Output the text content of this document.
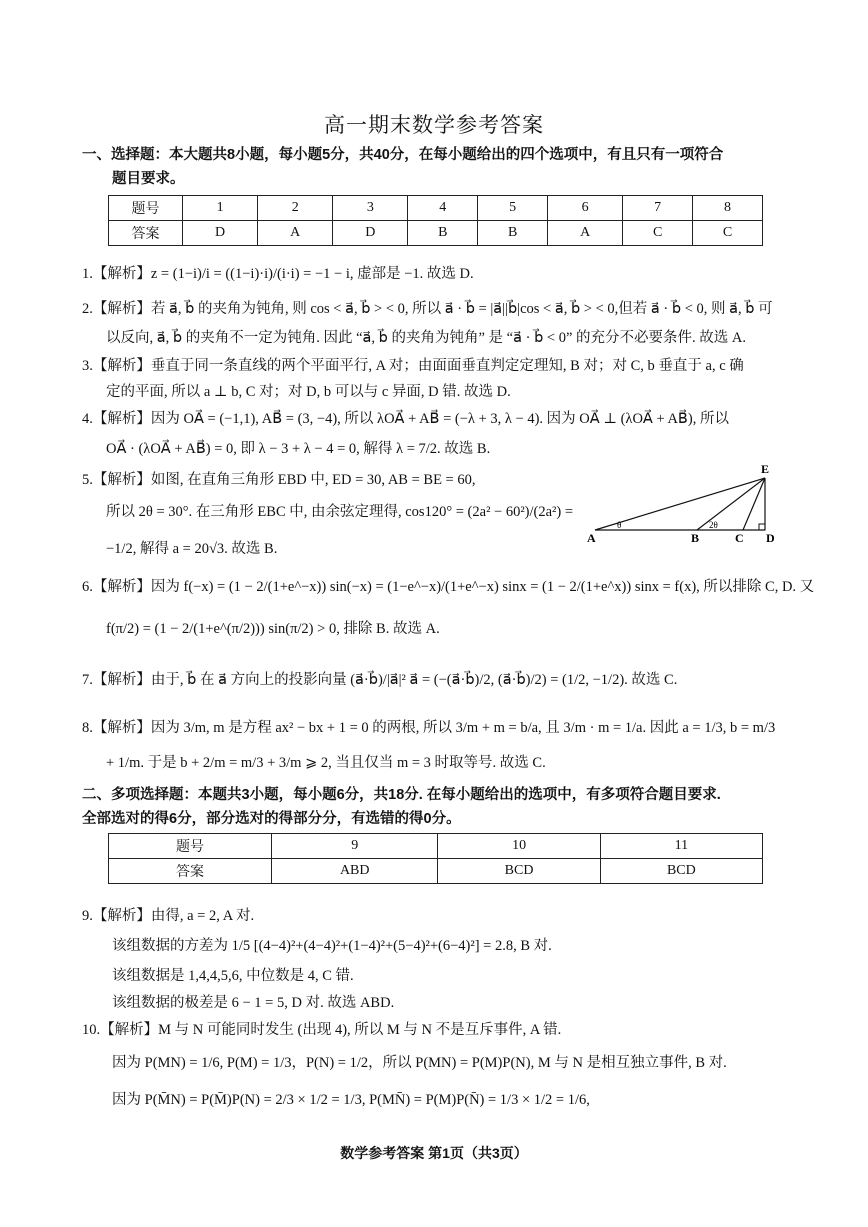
高一期末数学参考答案
一、选择题：本大题共8小题，每小题5分，共40分，在每小题给出的四个选项中，有且只有一项符合
题目要求。
题号	1	2	3	4	5	6	7	8
答案	D	A	D	B	B	A	C	C
1.【解析】z = (1−i)/i = ((1−i)·i)/(i·i) = −1 − i, 虚部是 −1. 故选 D.
2.【解析】若 a⃗, b⃗ 的夹角为钝角, 则 cos < a⃗, b⃗ > < 0, 所以 a⃗ · b⃗ = |a⃗||b⃗|cos < a⃗, b⃗ > < 0,但若 a⃗ · b⃗ < 0, 则 a⃗, b⃗ 可
以反向, a⃗, b⃗ 的夹角不一定为钝角. 因此 “a⃗, b⃗ 的夹角为钝角” 是 “a⃗ · b⃗ < 0” 的充分不必要条件. 故选 A.
3.【解析】垂直于同一条直线的两个平面平行, A 对；由面面垂直判定定理知, B 对；对 C, b 垂直于 a, c 确
定的平面, 所以 a ⊥ b, C 对；对 D, b 可以与 c 异面, D 错. 故选 D.
4.【解析】因为 OA⃗ = (−1,1), AB⃗ = (3, −4), 所以 λOA⃗ + AB⃗ = (−λ + 3, λ − 4). 因为 OA⃗ ⊥ (λOA⃗ + AB⃗), 所以
OA⃗ · (λOA⃗ + AB⃗) = 0, 即 λ − 3 + λ − 4 = 0, 解得 λ = 7/2. 故选 B.
5.【解析】如图, 在直角三角形 EBD 中, ED = 30, AB = BE = 60,
所以 2θ = 30°. 在三角形 EBC 中, 由余弦定理得, cos120° = (2a² − 60²)/(2a²) =
−1/2, 解得 a = 20√3. 故选 B.
E
A	B	C D
θ	2θ
6.【解析】因为 f(−x) = (1 − 2/(1+e^−x)) sin(−x) = (1−e^−x)/(1+e^−x) sinx = (1 − 2/(1+e^x)) sinx = f(x), 所以排除 C, D. 又
f(π/2) = (1 − 2/(1+e^(π/2))) sin(π/2) > 0, 排除 B. 故选 A.
7.【解析】由于, b⃗ 在 a⃗ 方向上的投影向量 (a⃗·b⃗)/|a⃗|² a⃗ = (−(a⃗·b⃗)/2, (a⃗·b⃗)/2) = (1/2, −1/2). 故选 C.
8.【解析】因为 3/m, m 是方程 ax² − bx + 1 = 0 的两根, 所以 3/m + m = b/a, 且 3/m · m = 1/a. 因此 a = 1/3, b = m/3
+ 1/m. 于是 b + 2/m = m/3 + 3/m ⩾ 2, 当且仅当 m = 3 时取等号. 故选 C.
二、多项选择题：本题共3小题，每小题6分，共18分. 在每小题给出的选项中，有多项符合题目要求.
全部选对的得6分，部分选对的得部分分，有选错的得0分。
题号	9	10	11
答案	ABD	BCD	BCD
9.【解析】由得, a = 2, A 对.
该组数据的方差为 1/5 [(4−4)²+(4−4)²+(1−4)²+(5−4)²+(6−4)²] = 2.8, B 对.
该组数据是 1,4,4,5,6, 中位数是 4, C 错.
该组数据的极差是 6 − 1 = 5, D 对. 故选 ABD.
10.【解析】M 与 N 可能同时发生 (出现 4), 所以 M 与 N 不是互斥事件, A 错.
因为 P(MN) = 1/6, P(M) = 1/3，P(N) = 1/2，所以 P(MN) = P(M)P(N), M 与 N 是相互独立事件, B 对.
因为 P(M̄N) = P(M̄)P(N) = 2/3 × 1/2 = 1/3, P(MN̄) = P(M)P(N̄) = 1/3 × 1/2 = 1/6,
数学参考答案 第1页（共3页）
